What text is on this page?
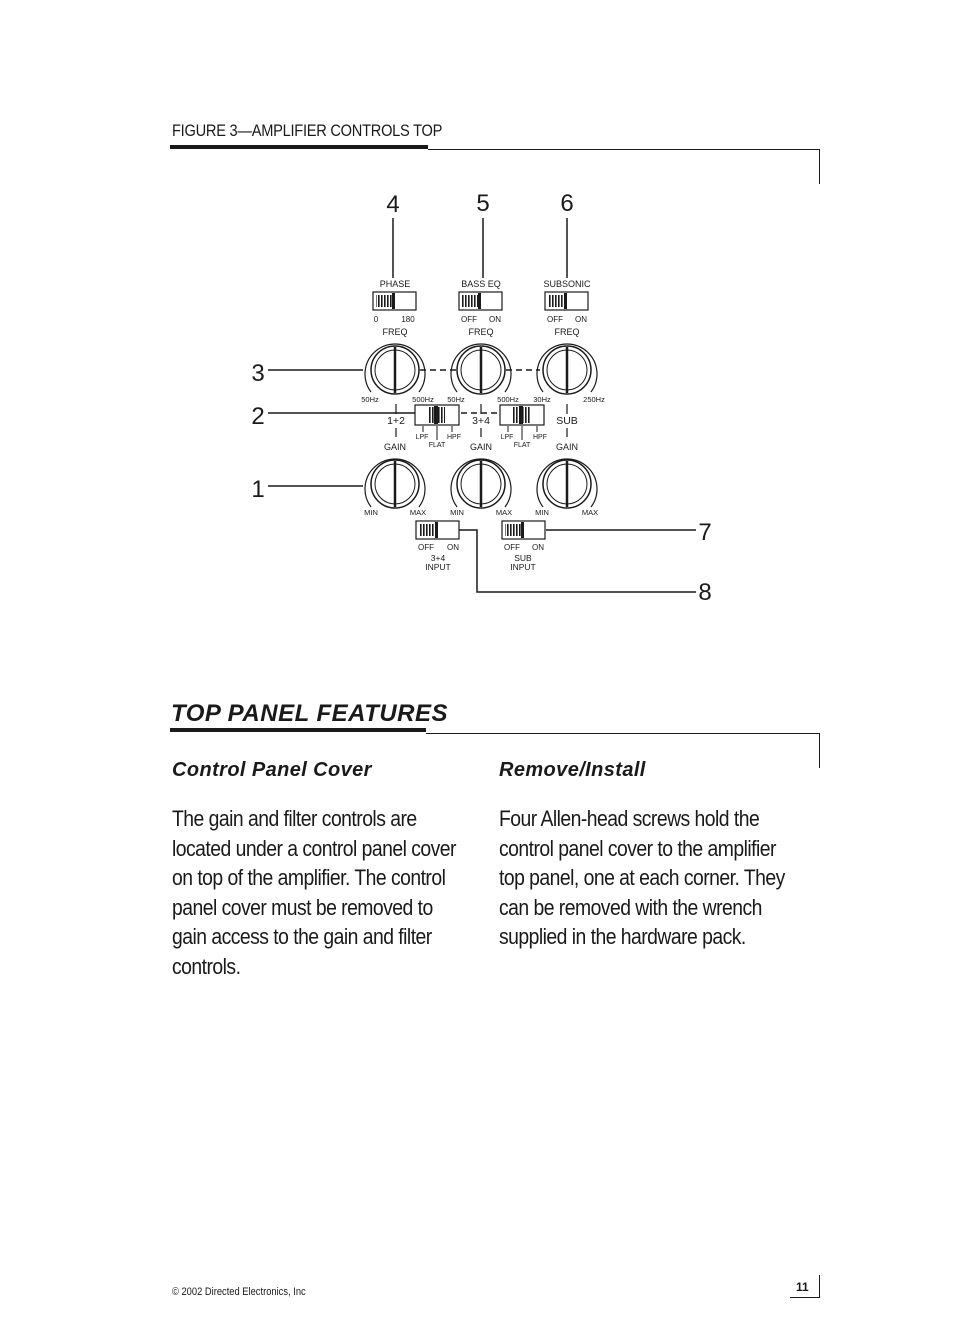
FIGURE 3—AMPLIFIER CONTROLS TOP
4	5	6
3
2
1
7
8
PHASE	BASS EQ	SUBSONIC
0	180	OFF ON	OFF ON
FREQ	FREQ	FREQ
50Hz	500Hz 50Hz	500Hz 30Hz	250Hz
1+2	3+4	SUB
LPF	HPF
FLAT
LPF	HPF
FLAT
GAIN	GAIN	GAIN
MIN	MAX	MIN	MAX	MIN	MAX
OFF ON	OFF ON
3+4
INPUT
SUB
INPUT
TOP PANEL FEATURES
Control Panel Cover
The gain and filter controls are located under a control panel cover on top of the amplifier. The control panel cover must be removed to gain access to the gain and filter controls.
Remove/Install
Four Allen-head screws hold the control panel cover to the amplifier top panel, one at each corner. They can be removed with the wrench supplied in the hardware pack.
© 2002 Directed Electronics, Inc	11
